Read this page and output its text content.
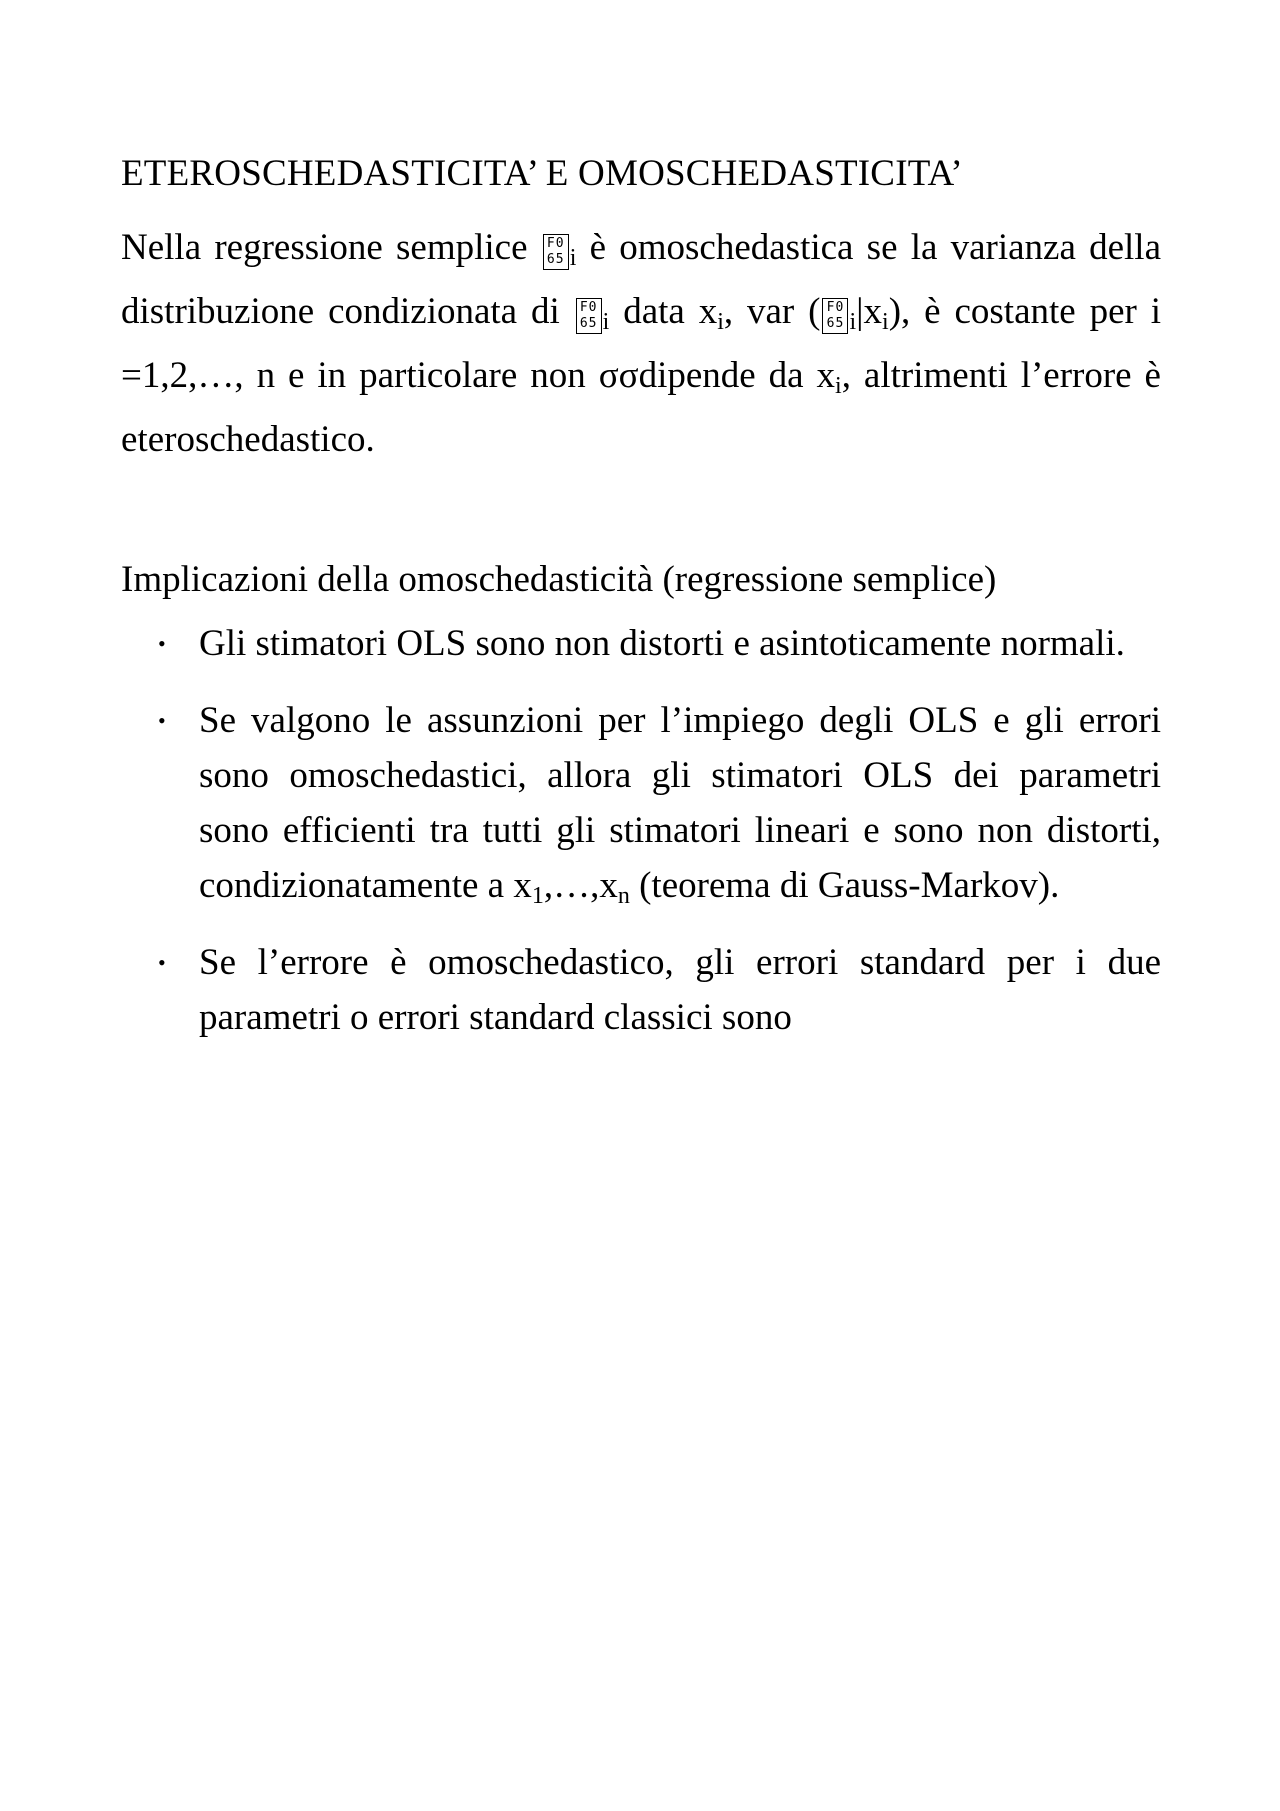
ETEROSCHEDASTICITA’ E OMOSCHEDASTICITA’

Nella regressione semplice F0
65 $_i$ è omoschedastica se la varianza della distribuzione condizionata di F0
65 $_i$ data $x_i$, var ( F0
65 $_i|x_i$), è costante per i =1,2,…, n e in particolare non σσdipende da $x_i$, altrimenti l’errore è eteroschedastico.

Implicazioni della omoschedasticità (regressione semplice)
• Gli stimatori OLS sono non distorti e asintoticamente normali.
• Se valgono le assunzioni per l’impiego degli OLS e gli errori sono omoschedastici, allora gli stimatori OLS dei parametri sono efficienti tra tutti gli stimatori lineari e sono non distorti, condizionatamente a $x_1,\dots,x_n$ (teorema di Gauss-Markov).
• Se l’errore è omoschedastico, gli errori standard per i due parametri o errori standard classici sono
